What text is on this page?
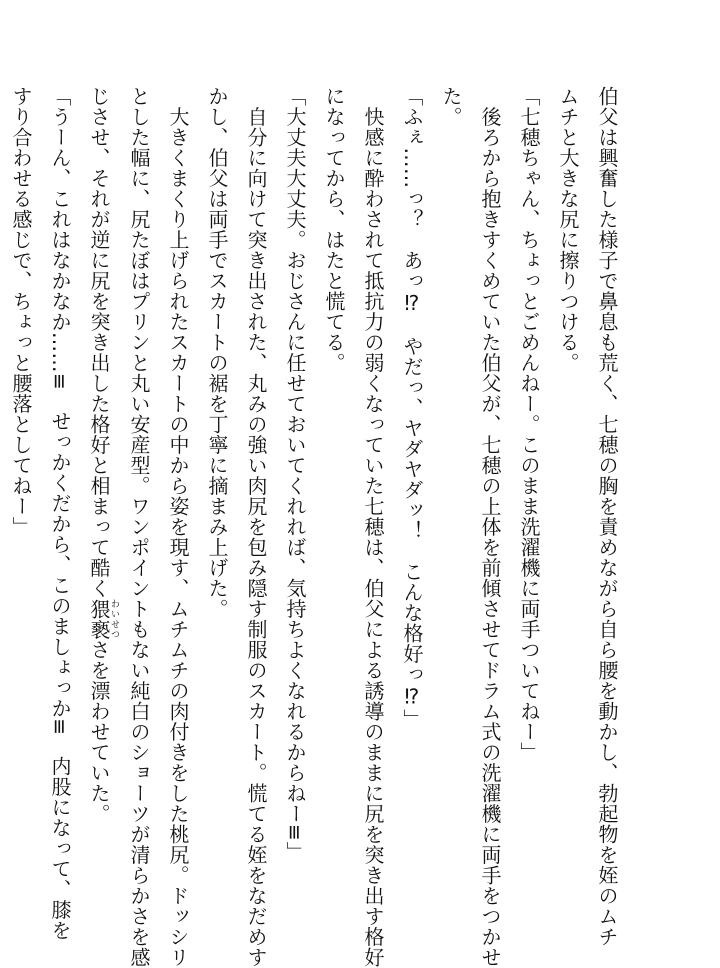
伯父は興奮した様子で鼻息も荒く、七穂の胸を責めながら自ら腰を動かし、勃起物を姪のムチ
ムチと大きな尻に擦りつける。
「七穂ちゃん、ちょっとごめんねー。このまま洗濯機に両手ついてねー」
　後ろから抱きすくめていた伯父が、七穂の上体を前傾させてドラム式の洗濯機に両手をつかせ
た。
「ふぇ……っ？　あっ⁉　やだっ、ヤダヤダッ！　こんな格好っ⁉」
　快感に酔わされて抵抗力の弱くなっていた七穂は、伯父による誘導のままに尻を突き出す格好
になってから、はたと慌てる。
「大丈夫大丈夫。おじさんに任せておいてくれれば、気持ちよくなれるからねー≡」
　自分に向けて突き出された、丸みの強い肉尻を包み隠す制服のスカート。慌てる姪をなだめす
かし、伯父は両手でスカートの裾を丁寧に摘まみ上げた。
　大きくまくり上げられたスカートの中から姿を現す、ムチムチの肉付きをした桃尻。ドッシリ
とした幅に、尻たぼはプリンと丸い安産型。ワンポイントもない純白のショーツが清らかさを感
じさせ、それが逆に尻を突き出した格好と相まって酷く猥褻わいせつさを漂わせていた。
「うーん、これはなかなか……≡　せっかくだから、このましょっか≡　内股になって、膝を
すり合わせる感じで、ちょっと腰落としてねー」
